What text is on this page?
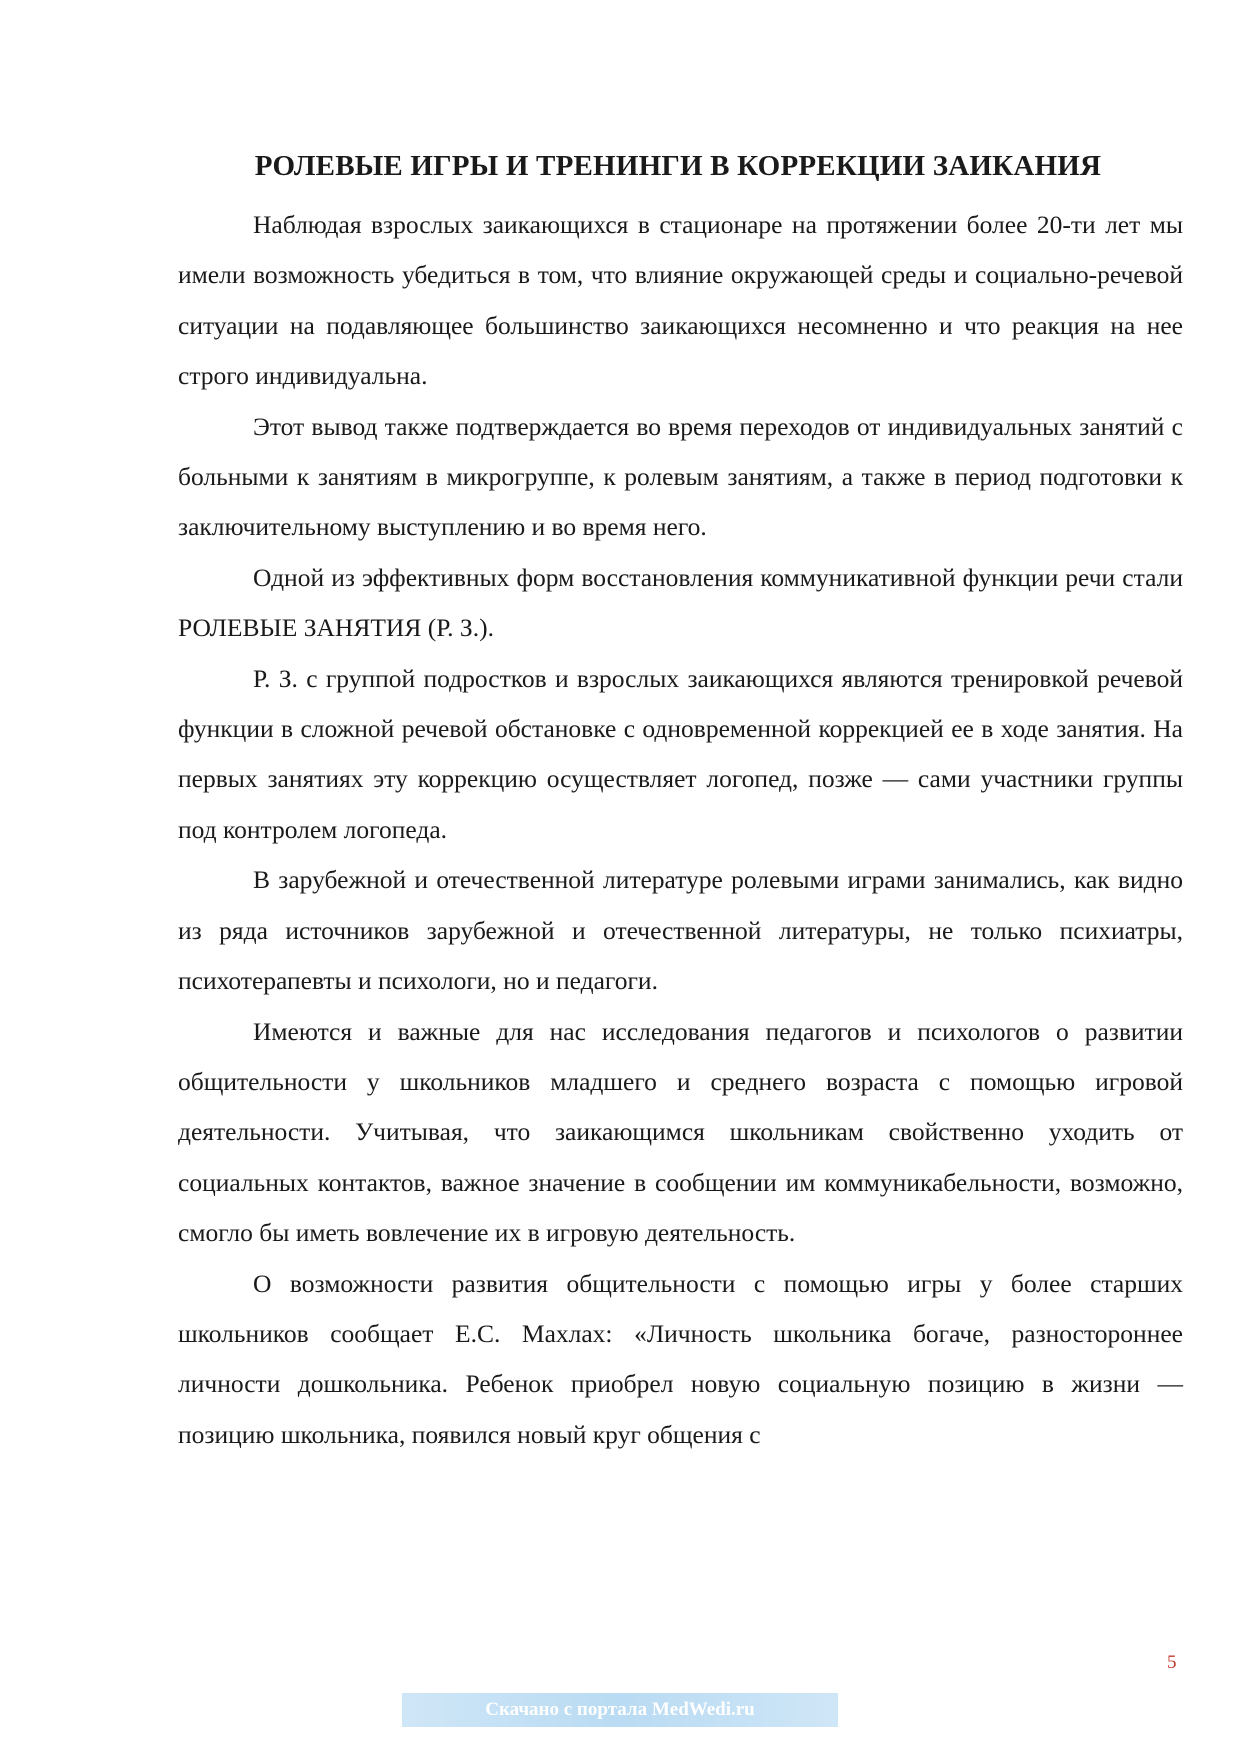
РОЛЕВЫЕ ИГРЫ И ТРЕНИНГИ В КОРРЕКЦИИ ЗАИКАНИЯ

Наблюдая взрослых заикающихся в стационаре на протяжении более 20-ти лет мы имели возможность убедиться в том, что влияние окружающей среды и социально-речевой ситуации на подавляющее большинство заикающихся несомненно и что реакция на нее строго индивидуальна.

Этот вывод также подтверждается во время переходов от индивидуальных занятий с больными к занятиям в микрогруппе, к ролевым занятиям, а также в период подготовки к заключительному выступлению и во время него.

Одной из эффективных форм восстановления коммуникативной функции речи стали РОЛЕВЫЕ ЗАНЯТИЯ (Р. З.).

Р. З. с группой подростков и взрослых заикающихся являются тренировкой речевой функции в сложной речевой обстановке с одновременной коррекцией ее в ходе занятия. На первых занятиях эту коррекцию осуществляет логопед, позже — сами участники группы под контролем логопеда.

В зарубежной и отечественной литературе ролевыми играми занимались, как видно из ряда источников зарубежной и отечественной литературы, не только психиатры, психотерапевты и психологи, но и педагоги.

Имеются и важные для нас исследования педагогов и психологов о развитии общительности у школьников младшего и среднего возраста с помощью игровой деятельности. Учитывая, что заикающимся школьникам свойственно уходить от социальных контактов, важное значение в сообщении им коммуникабельности, возможно, смогло бы иметь вовлечение их в игровую деятельность.

О возможности развития общительности с помощью игры у более старших школьников сообщает Е.С. Махлах: «Личность школьника богаче, разностороннее личности дошкольника. Ребенок приобрел новую социальную позицию в жизни — позицию школьника, появился новый круг общения с

5
Скачано с портала MedWedi.ru
